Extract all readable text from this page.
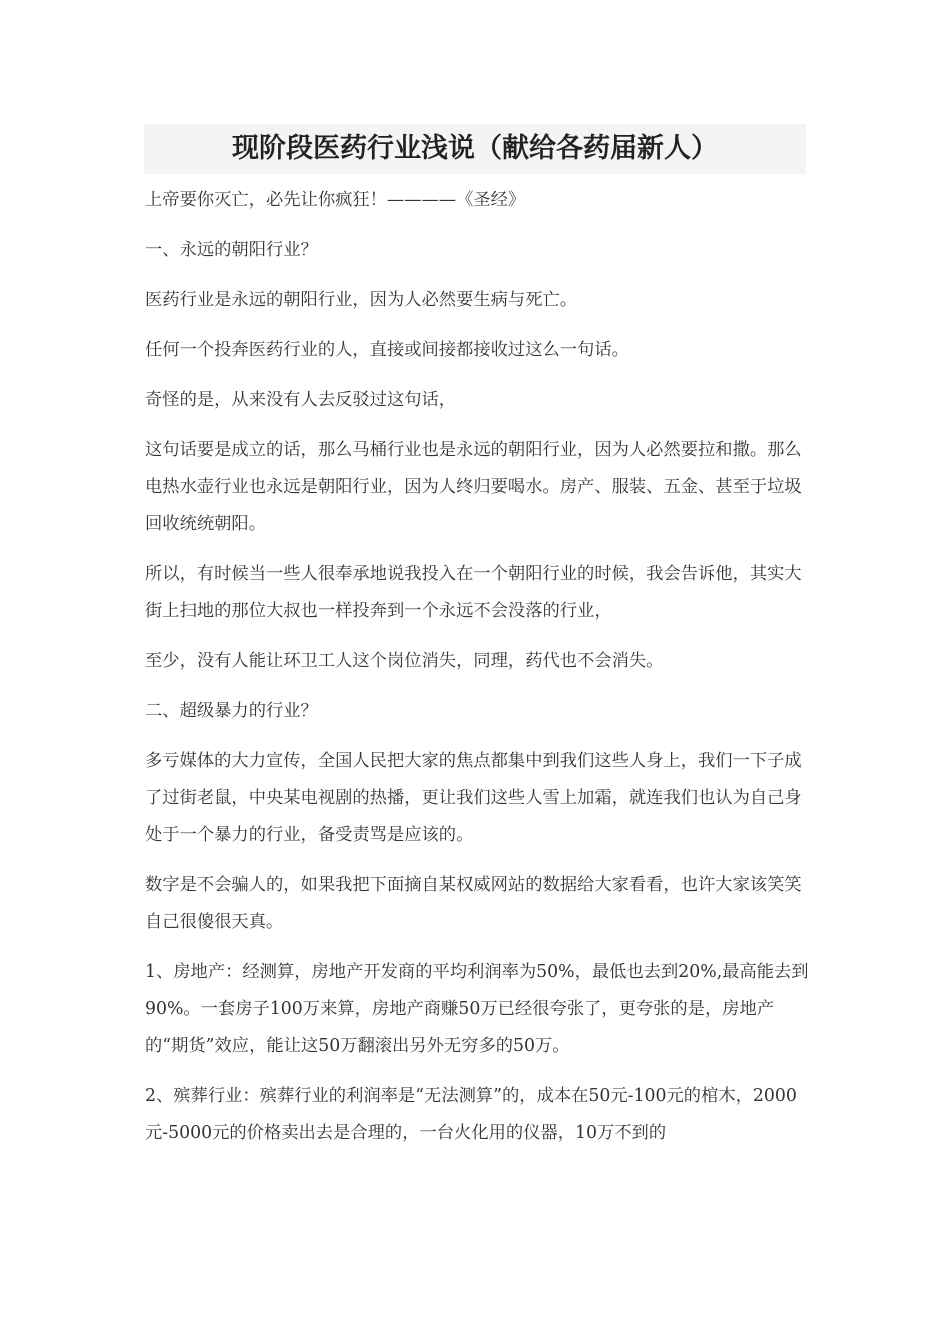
现阶段医药行业浅说（献给各药届新人）

上帝要你灭亡，必先让你疯狂！————《圣经》

一、永远的朝阳行业？

医药行业是永远的朝阳行业，因为人必然要生病与死亡。

任何一个投奔医药行业的人，直接或间接都接收过这么一句话。

奇怪的是，从来没有人去反驳过这句话，

这句话要是成立的话，那么马桶行业也是永远的朝阳行业，因为人必然要拉和撒。那么电热水壶行业也永远是朝阳行业，因为人终归要喝水。房产、服装、五金、甚至于垃圾回收统统朝阳。

所以，有时候当一些人很奉承地说我投入在一个朝阳行业的时候，我会告诉他，其实大街上扫地的那位大叔也一样投奔到一个永远不会没落的行业，

至少，没有人能让环卫工人这个岗位消失，同理，药代也不会消失。

二、超级暴力的行业？

多亏媒体的大力宣传，全国人民把大家的焦点都集中到我们这些人身上，我们一下子成了过街老鼠，中央某电视剧的热播，更让我们这些人雪上加霜，就连我们也认为自己身处于一个暴力的行业，备受责骂是应该的。

数字是不会骗人的，如果我把下面摘自某权威网站的数据给大家看看，也许大家该笑笑自己很傻很天真。

1、房地产：经测算，房地产开发商的平均利润率为50%，最低也去到20%,最高能去到90%。一套房子100万来算，房地产商赚50万已经很夸张了，更夸张的是，房地产的“期货”效应，能让这50万翻滚出另外无穷多的50万。

2、殡葬行业：殡葬行业的利润率是“无法测算”的，成本在50元-100元的棺木，2000元-5000元的价格卖出去是合理的，一台火化用的仪器，10万不到的
